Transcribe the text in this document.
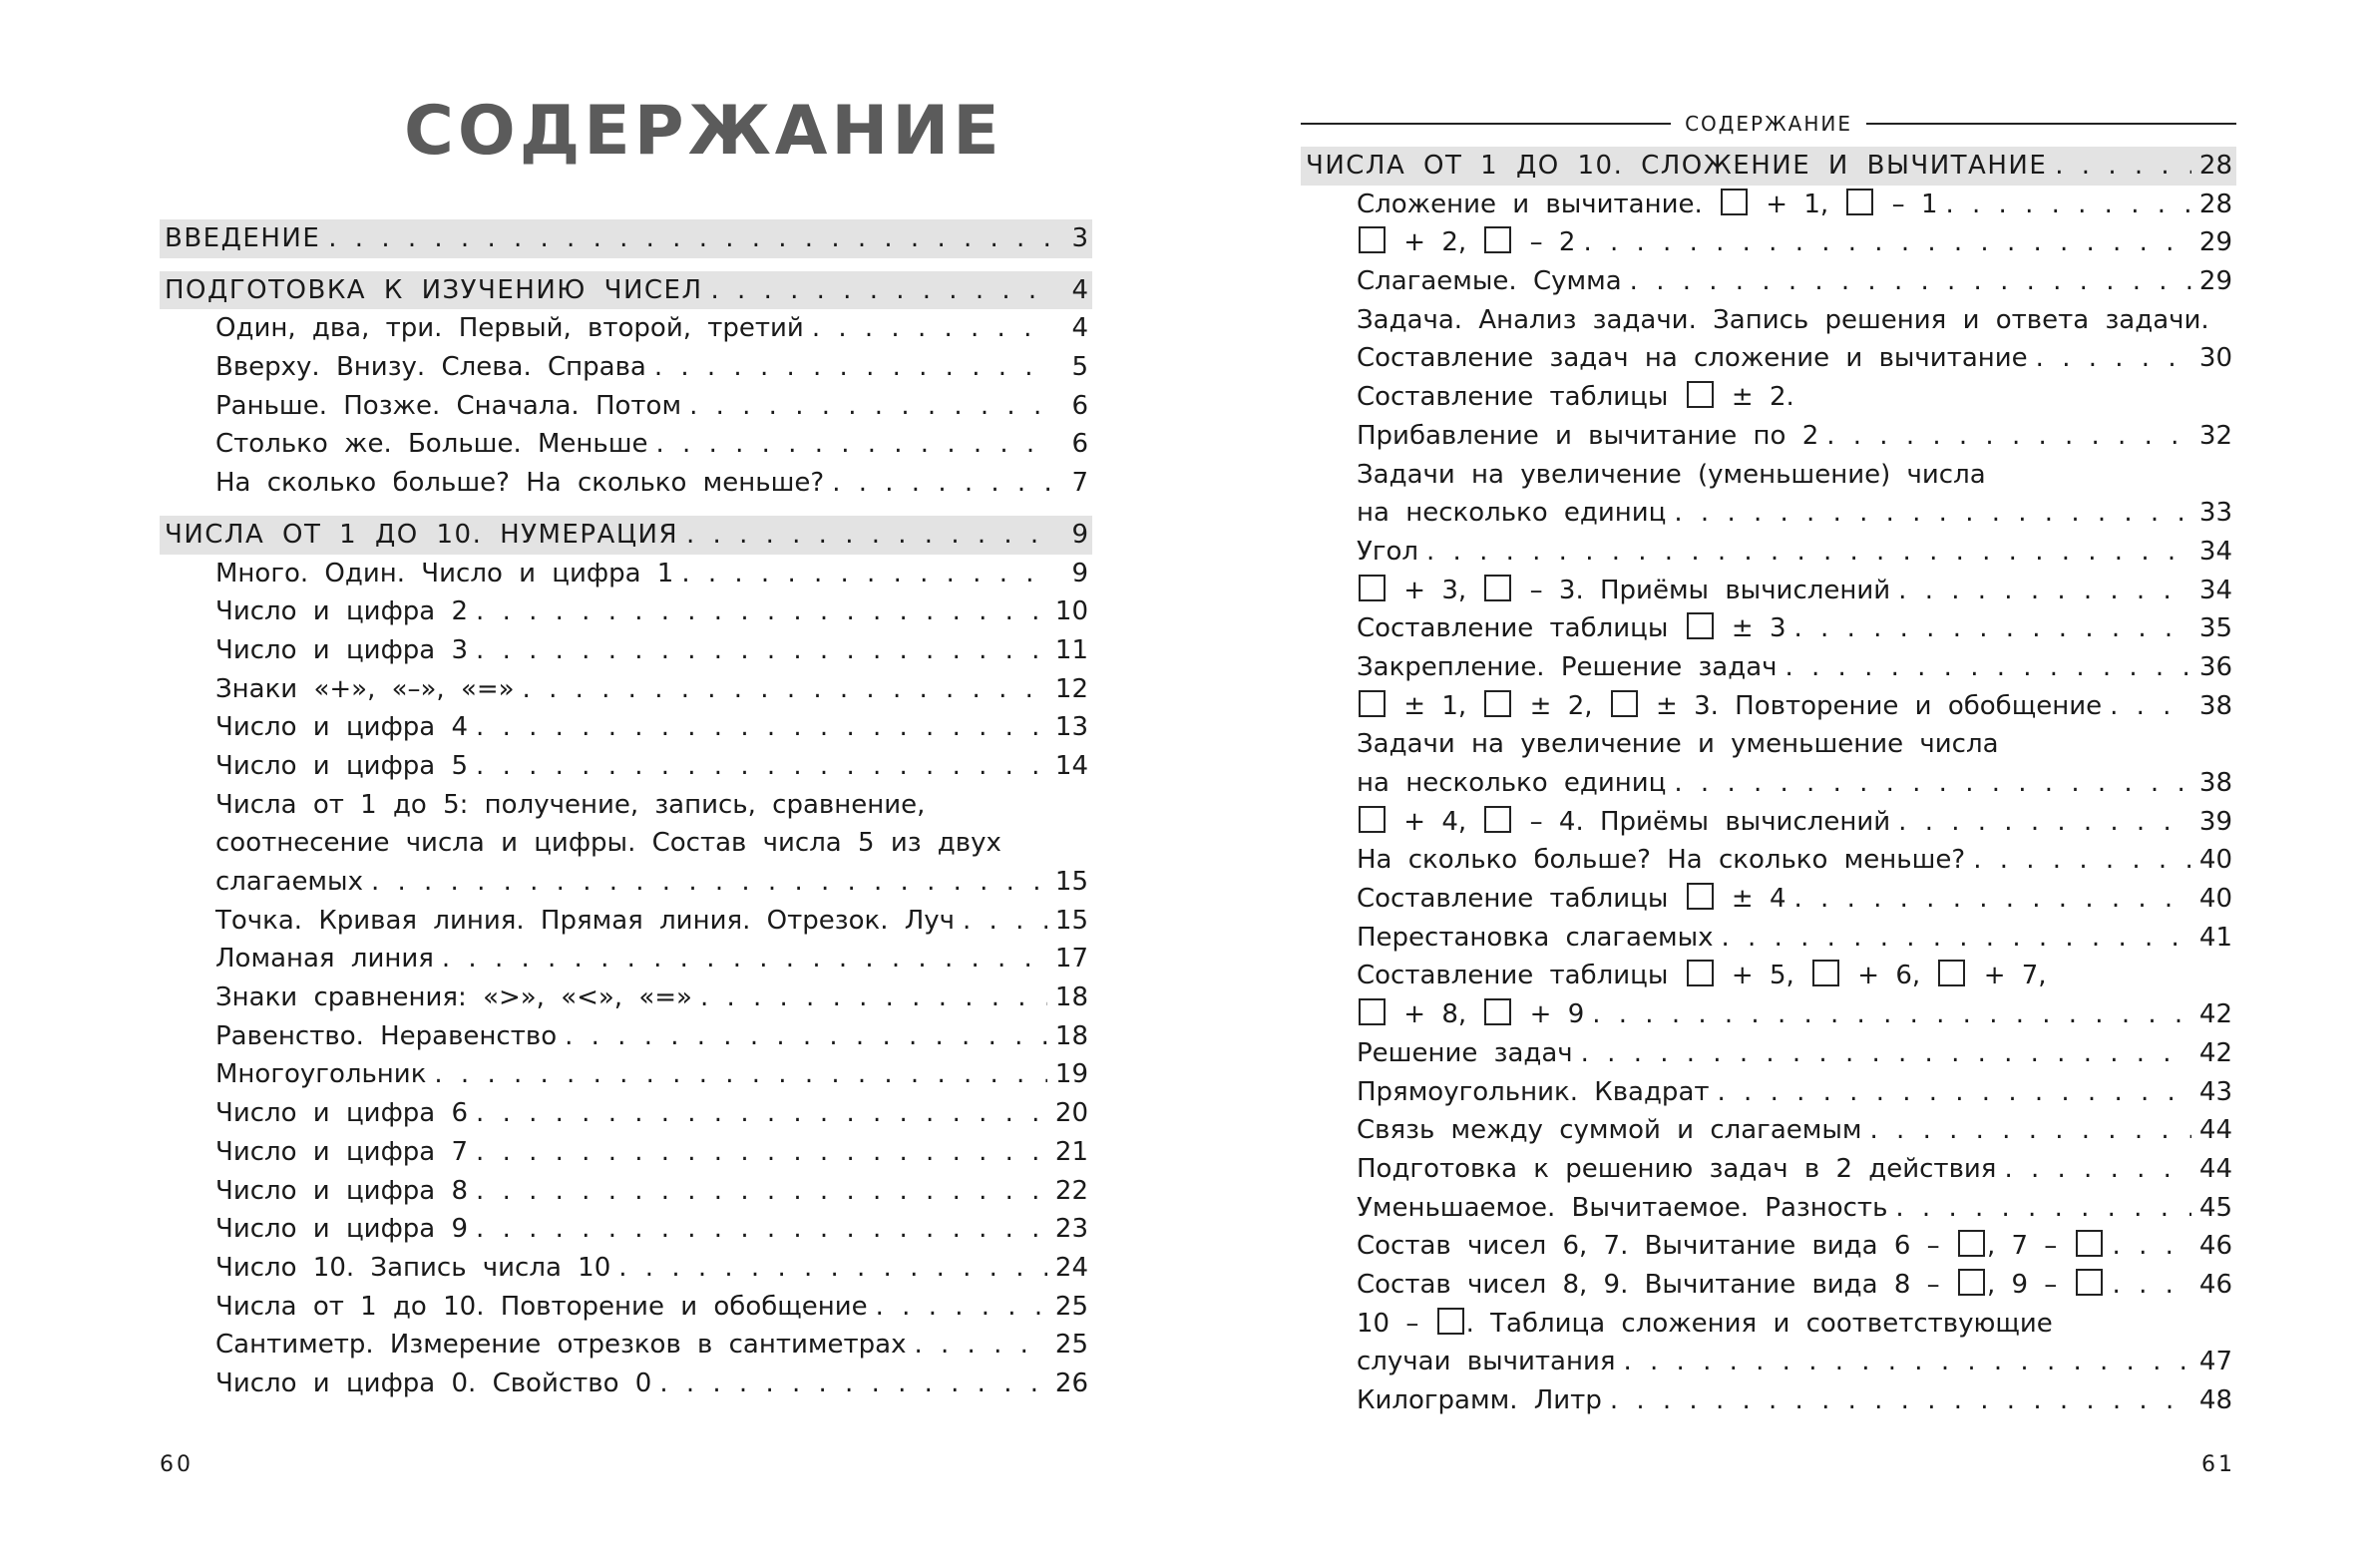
СОДЕРЖАНИЕ
ВВЕДЕНИЕ . . .	3
ПОДГОТОВКА К ИЗУЧЕНИЮ ЧИСЕЛ . . .	4
Один, два, три. Первый, второй, третий . . .	4
Вверху. Внизу. Слева. Справа . . .	5
Раньше. Позже. Сначала. Потом . . .	6
Столько же. Больше. Меньше . . .	6
На сколько больше? На сколько меньше? . . .	7
ЧИСЛА ОТ 1 ДО 10. НУМЕРАЦИЯ . . .	9
Много. Один. Число и цифра 1 . . .	9
Число и цифра 2 . . .	10
Число и цифра 3 . . .	11
Знаки «+», «–», «=» . . .	12
Число и цифра 4 . . .	13
Число и цифра 5 . . .	14
Числа от 1 до 5: получение, запись, сравнение,
соотнесение числа и цифры. Состав числа 5 из двух
слагаемых . . .	15
Точка. Кривая линия. Прямая линия. Отрезок. Луч . . .	15
Ломаная линия . . .	17
Знаки сравнения: «>», «<», «=» . . .	18
Равенство. Неравенство . . .	18
Многоугольник . . .	19
Число и цифра 6 . . .	20
Число и цифра 7 . . .	21
Число и цифра 8 . . .	22
Число и цифра 9 . . .	23
Число 10. Запись числа 10 . . .	24
Числа от 1 до 10. Повторение и обобщение . . .	25
Сантиметр. Измерение отрезков в сантиметрах . . .	25
Число и цифра 0. Свойство 0 . . .	26
60
СОДЕРЖАНИЕ
ЧИСЛА ОТ 1 ДО 10. СЛОЖЕНИЕ И ВЫЧИТАНИЕ . . .	28
Сложение и вычитание.  + 1,  – 1 . . .	28
+ 2,  – 2 . . .	29
Слагаемые. Сумма . . .	29
Задача. Анализ задачи. Запись решения и ответа задачи.
Составление задач на сложение и вычитание . . .	30
Составление таблицы  ± 2.
Прибавление и вычитание по 2 . . .	32
Задачи на увеличение (уменьшение) числа
на несколько единиц . . .	33
Угол . . .	34
+ 3,  – 3. Приёмы вычислений . . .	34
Составление таблицы  ± 3 . . .	35
Закрепление. Решение задач . . .	36
± 1,  ± 2,  ± 3. Повторение и обобщение . . .	38
Задачи на увеличение и уменьшение числа
на несколько единиц . . .	38
+ 4,  – 4. Приёмы вычислений . . .	39
На сколько больше? На сколько меньше? . . .	40
Составление таблицы  ± 4 . . .	40
Перестановка слагаемых . . .	41
Составление таблицы  + 5,  + 6,  + 7,
+ 8,  + 9 . . .	42
Решение задач . . .	42
Прямоугольник. Квадрат . . .	43
Связь между суммой и слагаемым . . .	44
Подготовка к решению задач в 2 действия . . .	44
Уменьшаемое. Вычитаемое. Разность . . .	45
Состав чисел 6, 7. Вычитание вида 6 – , 7 – . . .	46
Состав чисел 8, 9. Вычитание вида 8 – , 9 – . . .	46
10 – . Таблица сложения и соответствующие
случаи вычитания . . .	47
Килограмм. Литр . . .	48
61
